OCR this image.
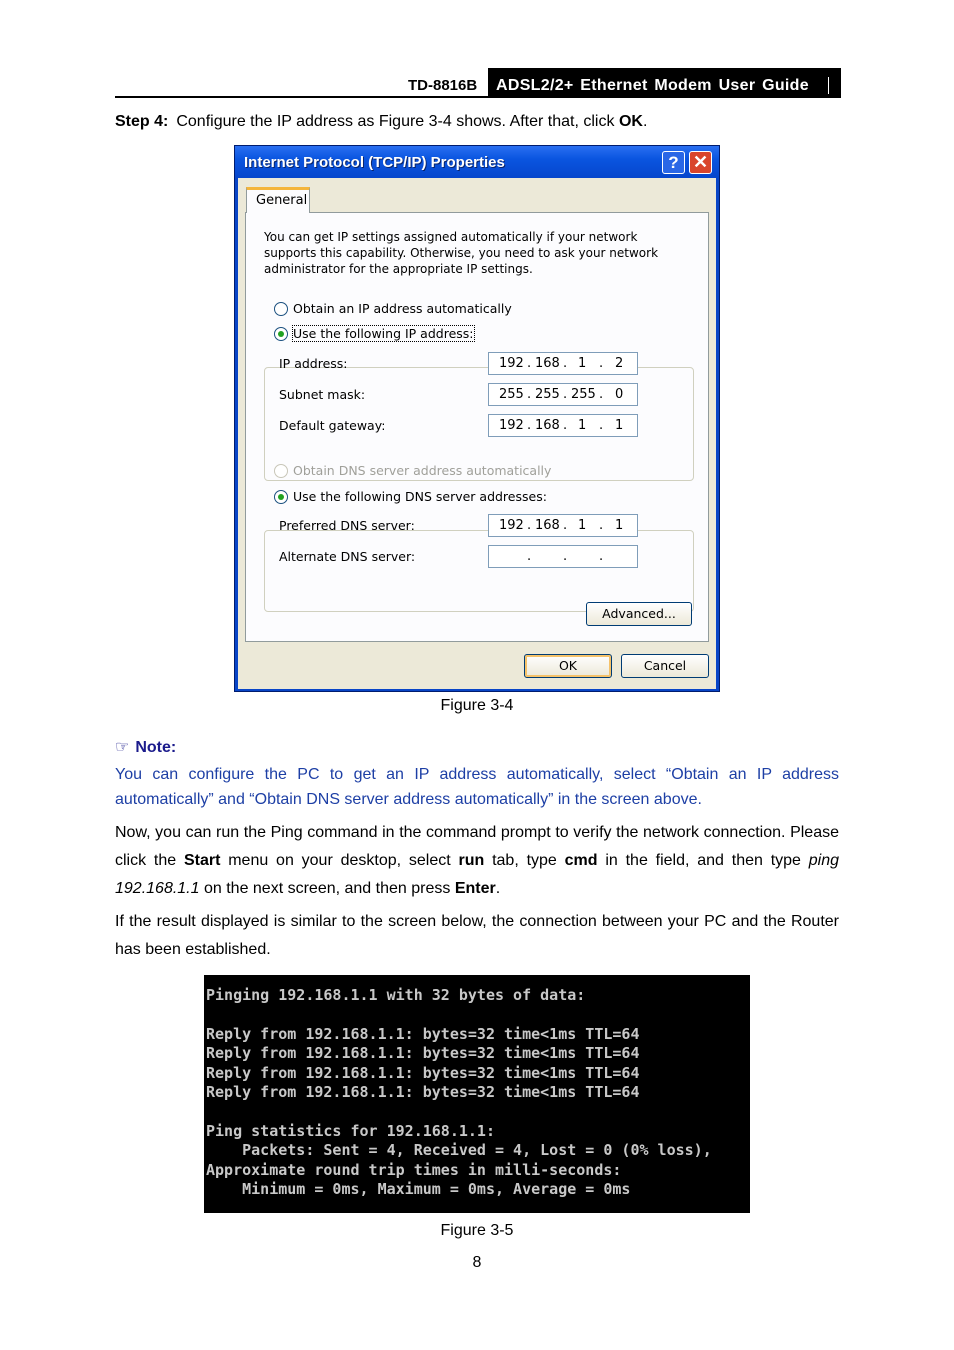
TD-8816B	ADSL2/2+ Ethernet Modem User Guide
Step 4: Configure the IP address as Figure 3-4 shows. After that, click OK.
Internet Protocol (TCP/IP) Properties	? ✕
General
You can get IP settings assigned automatically if your network supports this capability. Otherwise, you need to ask your network administrator for the appropriate IP settings.
Obtain an IP address automatically
Use the following IP address:
IP address:	192 . 168 . 1 . 2
Subnet mask:	255 . 255 . 255 . 0
Default gateway:	192 . 168 . 1 . 1
Obtain DNS server address automatically
Use the following DNS server addresses:
Preferred DNS server:	192 . 168 . 1 . 1
Alternate DNS server:	. . .
Advanced...
OK	Cancel
Figure 3-4
☞ Note:
You can configure the PC to get an IP address automatically, select “Obtain an IP address automatically” and “Obtain DNS server address automatically” in the screen above.
Now, you can run the Ping command in the command prompt to verify the network connection. Please click the Start menu on your desktop, select run tab, type cmd in the field, and then type ping 192.168.1.1 on the next screen, and then press Enter.
If the result displayed is similar to the screen below, the connection between your PC and the Router has been established.
Pinging 192.168.1.1 with 32 bytes of data:
Reply from 192.168.1.1: bytes=32 time<1ms TTL=64
Reply from 192.168.1.1: bytes=32 time<1ms TTL=64
Reply from 192.168.1.1: bytes=32 time<1ms TTL=64
Reply from 192.168.1.1: bytes=32 time<1ms TTL=64
Ping statistics for 192.168.1.1:
Packets: Sent = 4, Received = 4, Lost = 0 (0% loss),
Approximate round trip times in milli-seconds:
Minimum = 0ms, Maximum = 0ms, Average = 0ms
Figure 3-5
8
